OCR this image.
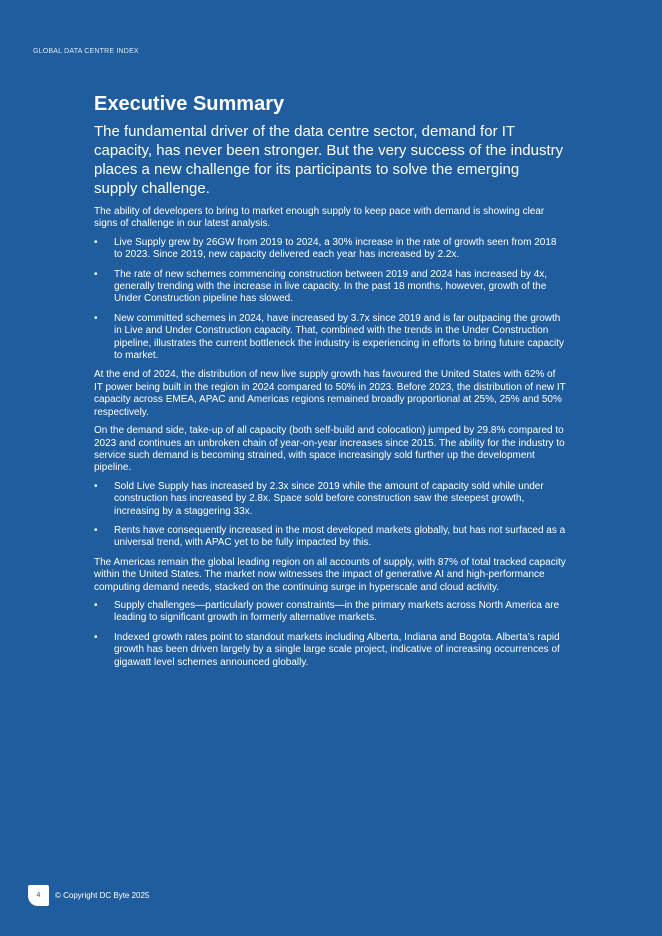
GLOBAL DATA CENTRE INDEX
Executive Summary

The fundamental driver of the data centre sector, demand for IT capacity, has never been stronger. But the very success of the industry places a new challenge for its participants to solve the emerging supply challenge.

The ability of developers to bring to market enough supply to keep pace with demand is showing clear signs of challenge in our latest analysis.

• Live Supply grew by 26GW from 2019 to 2024, a 30% increase in the rate of growth seen from 2018 to 2023. Since 2019, new capacity delivered each year has increased by 2.2x.
• The rate of new schemes commencing construction between 2019 and 2024 has increased by 4x, generally trending with the increase in live capacity. In the past 18 months, however, growth of the Under Construction pipeline has slowed.
• New committed schemes in 2024, have increased by 3.7x since 2019 and is far outpacing the growth in Live and Under Construction capacity. That, combined with the trends in the Under Construction pipeline, illustrates the current bottleneck the industry is experiencing in efforts to bring future capacity to market.

At the end of 2024, the distribution of new live supply growth has favoured the United States with 62% of IT power being built in the region in 2024 compared to 50% in 2023. Before 2023, the distribution of new IT capacity across EMEA, APAC and Americas regions remained broadly proportional at 25%, 25% and 50% respectively.

On the demand side, take-up of all capacity (both self-build and colocation) jumped by 29.8% compared to 2023 and continues an unbroken chain of year-on-year increases since 2015. The ability for the industry to service such demand is becoming strained, with space increasingly sold further up the development pipeline.

• Sold Live Supply has increased by 2.3x since 2019 while the amount of capacity sold while under construction has increased by 2.8x. Space sold before construction saw the steepest growth, increasing by a staggering 33x.
• Rents have consequently increased in the most developed markets globally, but has not surfaced as a universal trend, with APAC yet to be fully impacted by this.

The Americas remain the global leading region on all accounts of supply, with 87% of total tracked capacity within the United States. The market now witnesses the impact of generative AI and high-performance computing demand needs, stacked on the continuing surge in hyperscale and cloud activity.

• Supply challenges—particularly power constraints—in the primary markets across North America are leading to significant growth in formerly alternative markets.
• Indexed growth rates point to standout markets including Alberta, Indiana and Bogota. Alberta’s rapid growth has been driven largely by a single large scale project, indicative of increasing occurrences of gigawatt level schemes announced globally.
4	© Copyright DC Byte 2025
